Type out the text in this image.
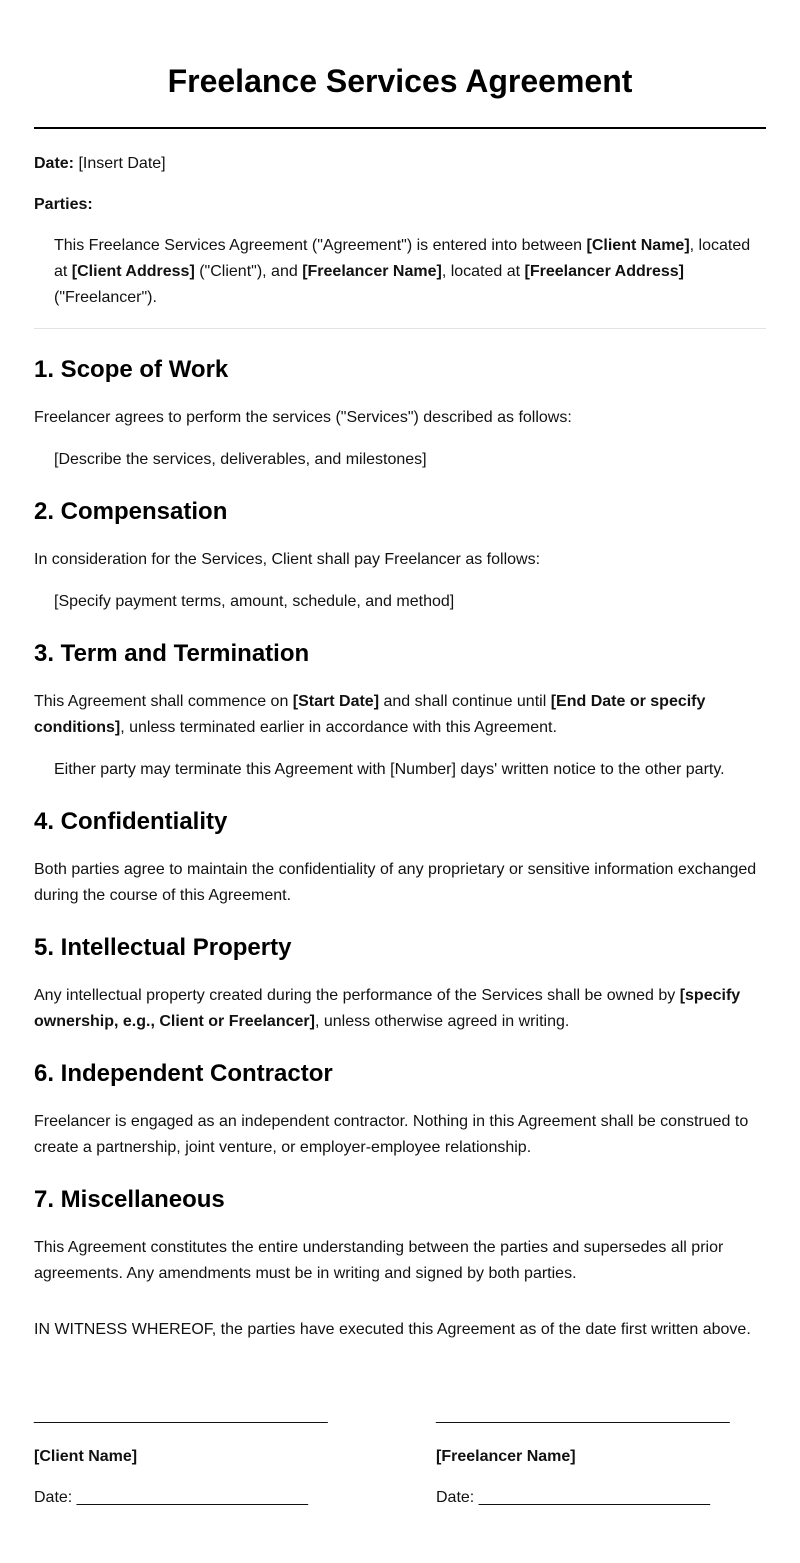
Freelance Services Agreement

Date: [Insert Date]

Parties:

This Freelance Services Agreement ("Agreement") is entered into between [Client Name], located at [Client Address] ("Client"), and [Freelancer Name], located at [Freelancer Address] ("Freelancer").

1. Scope of Work

Freelancer agrees to perform the services ("Services") described as follows:

[Describe the services, deliverables, and milestones]

2. Compensation

In consideration for the Services, Client shall pay Freelancer as follows:

[Specify payment terms, amount, schedule, and method]

3. Term and Termination

This Agreement shall commence on [Start Date] and shall continue until [End Date or specify conditions], unless terminated earlier in accordance with this Agreement.

Either party may terminate this Agreement with [Number] days' written notice to the other party.

4. Confidentiality

Both parties agree to maintain the confidentiality of any proprietary or sensitive information exchanged during the course of this Agreement.

5. Intellectual Property

Any intellectual property created during the performance of the Services shall be owned by [specify ownership, e.g., Client or Freelancer], unless otherwise agreed in writing.

6. Independent Contractor

Freelancer is engaged as an independent contractor. Nothing in this Agreement shall be construed to create a partnership, joint venture, or employer-employee relationship.

7. Miscellaneous

This Agreement constitutes the entire understanding between the parties and supersedes all prior agreements. Any amendments must be in writing and signed by both parties.

IN WITNESS WHEREOF, the parties have executed this Agreement as of the date first written above.

_________________________________
[Client Name]
Date: __________________________
_________________________________
[Freelancer Name]
Date: __________________________
